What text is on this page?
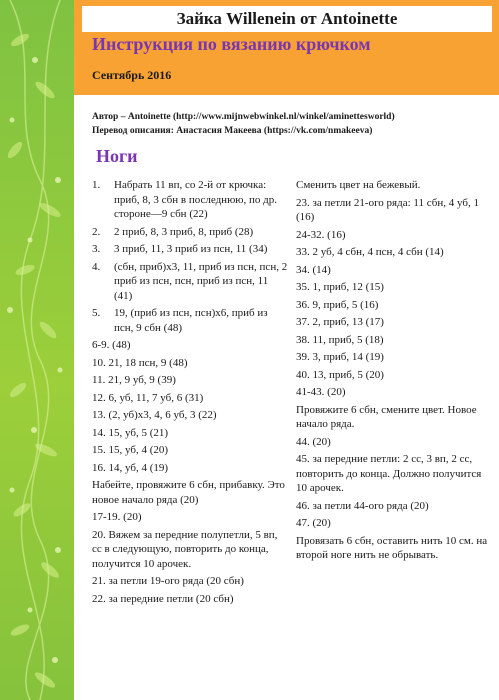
Зайка Willenein от Antoinette
Инструкция по вязанию крючком
Сентябрь 2016
Автор – Antoinette (http://www.mijnwebwinkel.nl/winkel/aminettesworld)
Перевод описания: Анастасия Макеева (https://vk.com/nmakeeva)
Ноги
1.	Набрать 11 вп, со 2-й от крючка: приб, 8, 3 сбн в последнюю, по др. стороне—9 сбн (22)
2.	2 приб, 8, 3 приб, 8, приб (28)
3.	3 приб, 11, 3 приб из псн, 11 (34)
4.	(сбн, приб)х3, 11, приб из псн, псн, 2 приб из псн, псн, приб из псн, 11 (41)
5.	19, (приб из псн, псн)х6, приб из псн, 9 сбн (48)
6-9. (48)
10. 21, 18 псн, 9 (48)
11. 21, 9 уб, 9 (39)
12. 6, уб, 11, 7 уб, 6 (31)
13. (2, уб)х3, 4, 6 уб, 3 (22)
14. 15, уб, 5 (21)
15. 15, уб, 4 (20)
16. 14, уб, 4 (19)
Набейте, провяжите 6 сбн, прибавку. Это новое начало ряда (20)
17-19. (20)
20. Вяжем за передние полупетли, 5 вп, сс в следующую, повторить до конца, получится 10 арочек.
21. за петли 19-ого ряда (20 сбн)
22. за передние петли (20 сбн)
Сменить цвет на бежевый.
23. за петли 21-ого ряда: 11 сбн, 4 уб, 1 (16)
24-32. (16)
33. 2 уб, 4 сбн, 4 псн, 4 сбн (14)
34. (14)
35. 1, приб, 12 (15)
36. 9, приб, 5 (16)
37. 2, приб, 13 (17)
38. 11, приб, 5 (18)
39. 3, приб, 14 (19)
40. 13, приб, 5 (20)
41-43. (20)
Провяжите 6 сбн, смените цвет. Новое начало ряда.
44. (20)
45. за передние петли: 2 сс, 3 вп, 2 сс, повторить до конца. Должно получится 10 арочек.
46. за петли 44-ого ряда (20)
47. (20)
Провязать 6 сбн, оставить нить 10 см. на второй ноге нить не обрывать.
